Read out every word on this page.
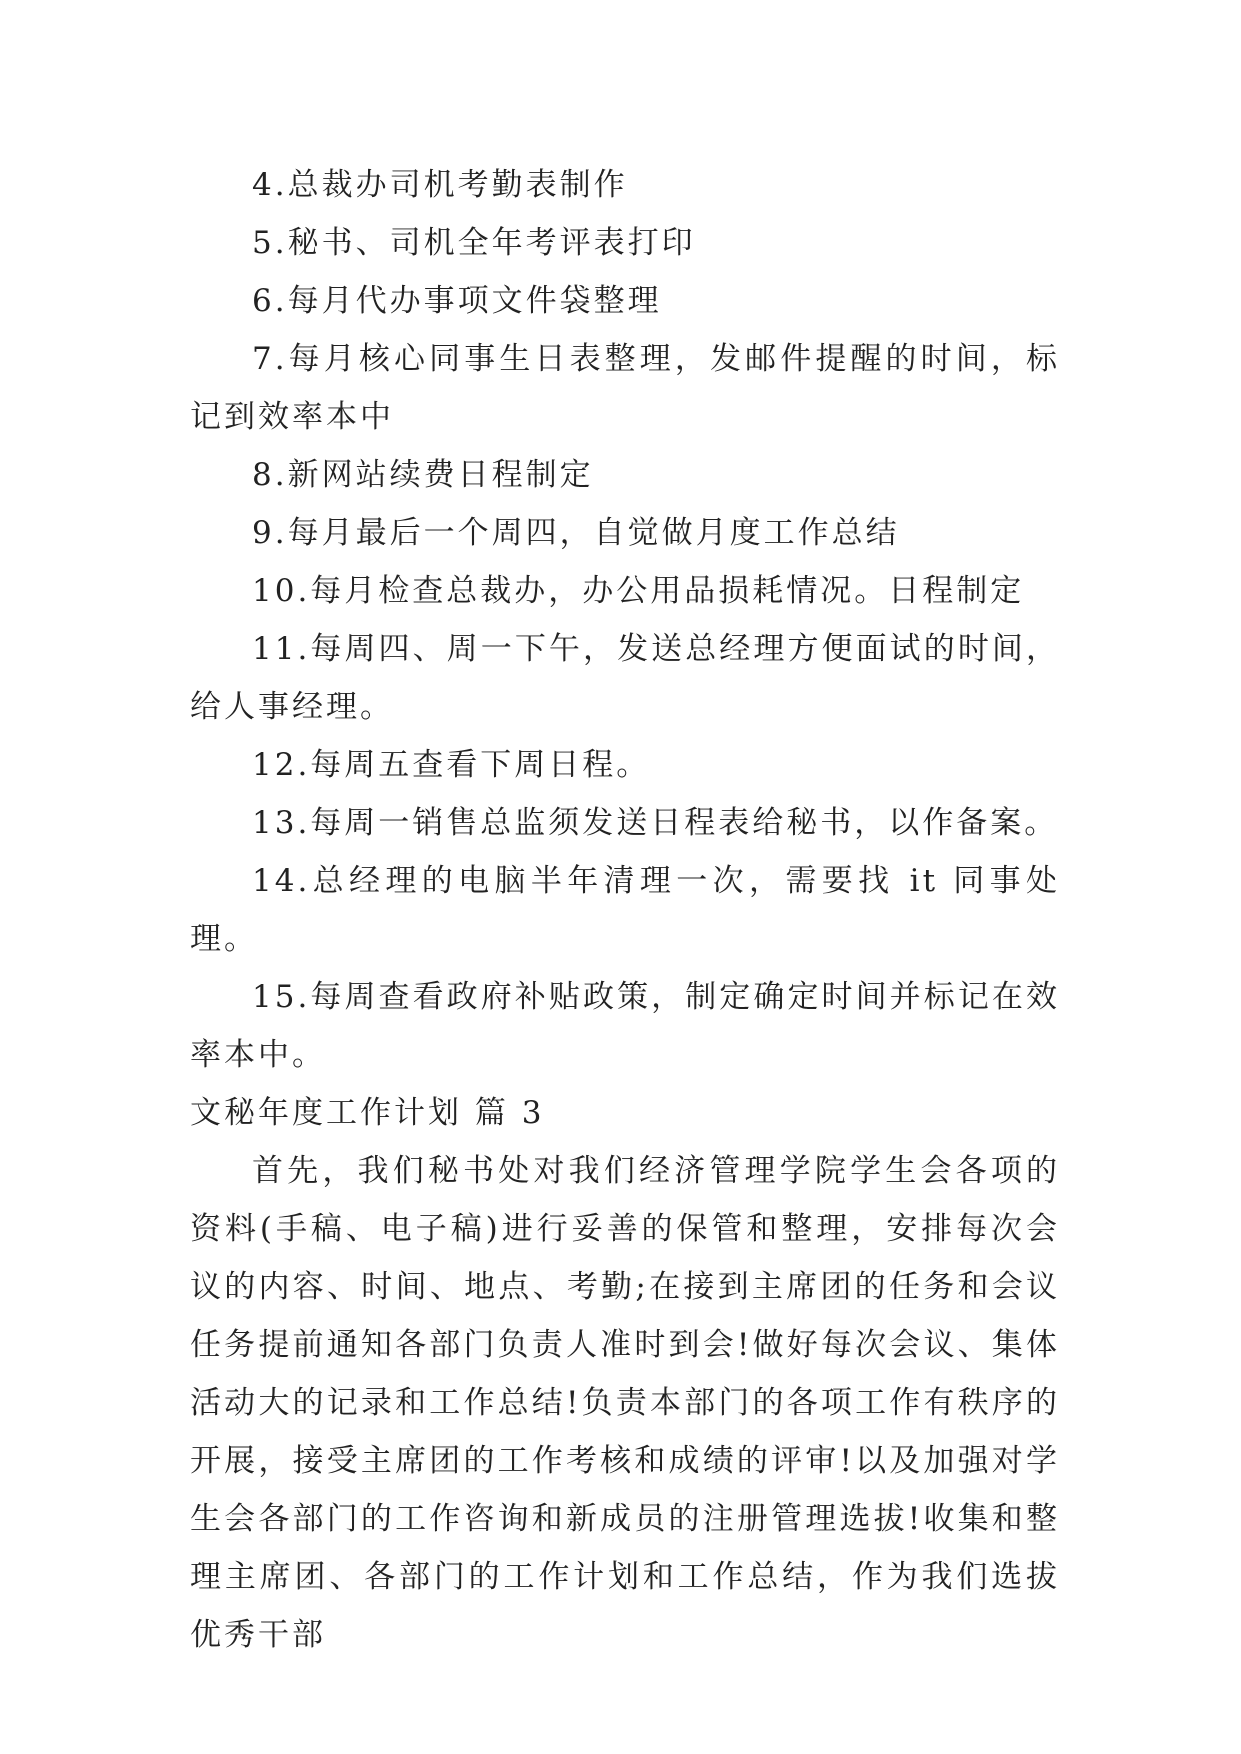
4.总裁办司机考勤表制作

5.秘书、司机全年考评表打印

6.每月代办事项文件袋整理

7.每月核心同事生日表整理，发邮件提醒的时间，标记到效率本中

8.新网站续费日程制定

9.每月最后一个周四，自觉做月度工作总结

10.每月检查总裁办，办公用品损耗情况。日程制定

11.每周四、周一下午，发送总经理方便面试的时间，给人事经理。

12.每周五查看下周日程。

13.每周一销售总监须发送日程表给秘书，以作备案。

14.总经理的电脑半年清理一次，需要找 it 同事处理。

15.每周查看政府补贴政策，制定确定时间并标记在效率本中。

文秘年度工作计划 篇 3

首先，我们秘书处对我们经济管理学院学生会各项的资料(手稿、电子稿)进行妥善的保管和整理，安排每次会议的内容、时间、地点、考勤;在接到主席团的任务和会议任务提前通知各部门负责人准时到会!做好每次会议、集体活动大的记录和工作总结!负责本部门的各项工作有秩序的开展，接受主席团的工作考核和成绩的评审!以及加强对学生会各部门的工作咨询和新成员的注册管理选拔!收集和整理主席团、各部门的工作计划和工作总结，作为我们选拔优秀干部
